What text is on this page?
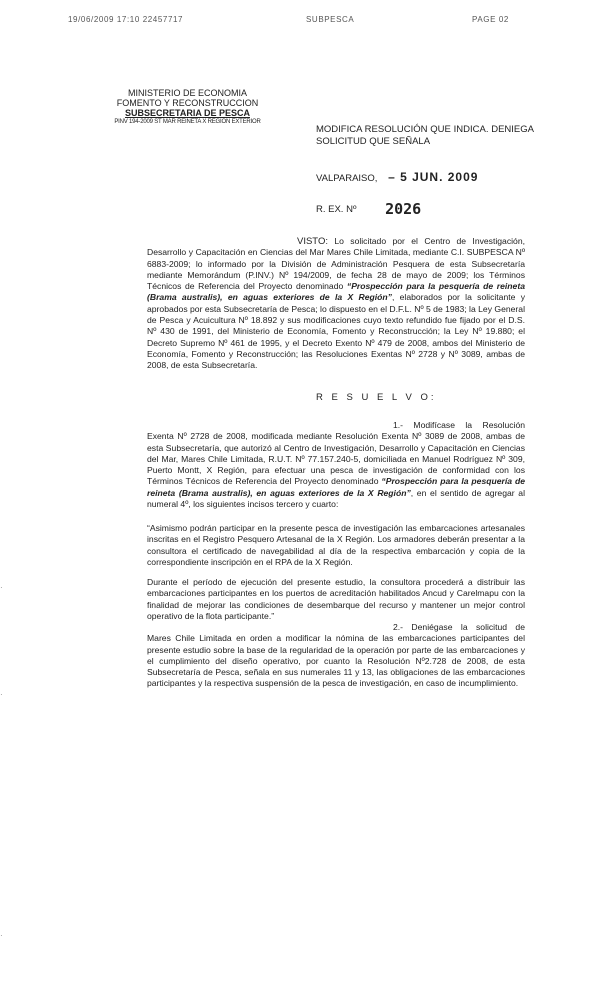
19/06/2009 17:10 22457717	SUBPESCA	PAGE 02
MINISTERIO DE ECONOMIA
FOMENTO Y RECONSTRUCCION
SUBSECRETARIA DE PESCA
PINV 194-2009 ST MAR REINETA X REGION EXTERIOR
MODIFICA RESOLUCIÓN QUE INDICA. DENIEGA SOLICITUD QUE SEÑALA
VALPARAISO, – 5 JUN. 2009
R. EX. Nº 2026

VISTO: Lo solicitado por el Centro de Investigación, Desarrollo y Capacitación en Ciencias del Mar Mares Chile Limitada, mediante C.I. SUBPESCA Nº 6883-2009; lo informado por la División de Administración Pesquera de esta Subsecretaría mediante Memorándum (P.INV.) Nº 194/2009, de fecha 28 de mayo de 2009; los Términos Técnicos de Referencia del Proyecto denominado “Prospección para la pesquería de reineta (Brama australis), en aguas exteriores de la X Región”, elaborados por la solicitante y aprobados por esta Subsecretaría de Pesca; lo dispuesto en el D.F.L. Nº 5 de 1983; la Ley General de Pesca y Acuicultura Nº 18.892 y sus modificaciones cuyo texto refundido fue fijado por el D.S. Nº 430 de 1991, del Ministerio de Economía, Fomento y Reconstrucción; la Ley Nº 19.880; el Decreto Supremo Nº 461 de 1995, y el Decreto Exento Nº 479 de 2008, ambos del Ministerio de Economía, Fomento y Reconstrucción; las Resoluciones Exentas Nº 2728 y Nº 3089, ambas de 2008, de esta Subsecretaría.

R E S U E L V O:

1.- Modifícase la Resolución Exenta Nº 2728 de 2008, modificada mediante Resolución Exenta Nº 3089 de 2008, ambas de esta Subsecretaría, que autorizó al Centro de Investigación, Desarrollo y Capacitación en Ciencias del Mar, Mares Chile Limitada, R.U.T. Nº 77.157.240-5, domiciliada en Manuel Rodríguez Nº 309, Puerto Montt, X Región, para efectuar una pesca de investigación de conformidad con los Términos Técnicos de Referencia del Proyecto denominado “Prospección para la pesquería de reineta (Brama australis), en aguas exteriores de la X Región”, en el sentido de agregar al numeral 4º, los siguientes incisos tercero y cuarto:

“Asimismo podrán participar en la presente pesca de investigación las embarcaciones artesanales inscritas en el Registro Pesquero Artesanal de la X Región. Los armadores deberán presentar a la consultora el certificado de navegabilidad al día de la respectiva embarcación y copia de la correspondiente inscripción en el RPA de la X Región.

Durante el período de ejecución del presente estudio, la consultora procederá a distribuir las embarcaciones participantes en los puertos de acreditación habilitados Ancud y Carelmapu con la finalidad de mejorar las condiciones de desembarque del recurso y mantener un mejor control operativo de la flota participante.”

2.- Deniégase la solicitud de Mares Chile Limitada en orden a modificar la nómina de las embarcaciones participantes del presente estudio sobre la base de la regularidad de la operación por parte de las embarcaciones y el cumplimiento del diseño operativo, por cuanto la Resolución Nº2.728 de 2008, de esta Subsecretaría de Pesca, señala en sus numerales 11 y 13, las obligaciones de las embarcaciones participantes y la respectiva suspensión de la pesca de investigación, en caso de incumplimiento.

·
·
·
